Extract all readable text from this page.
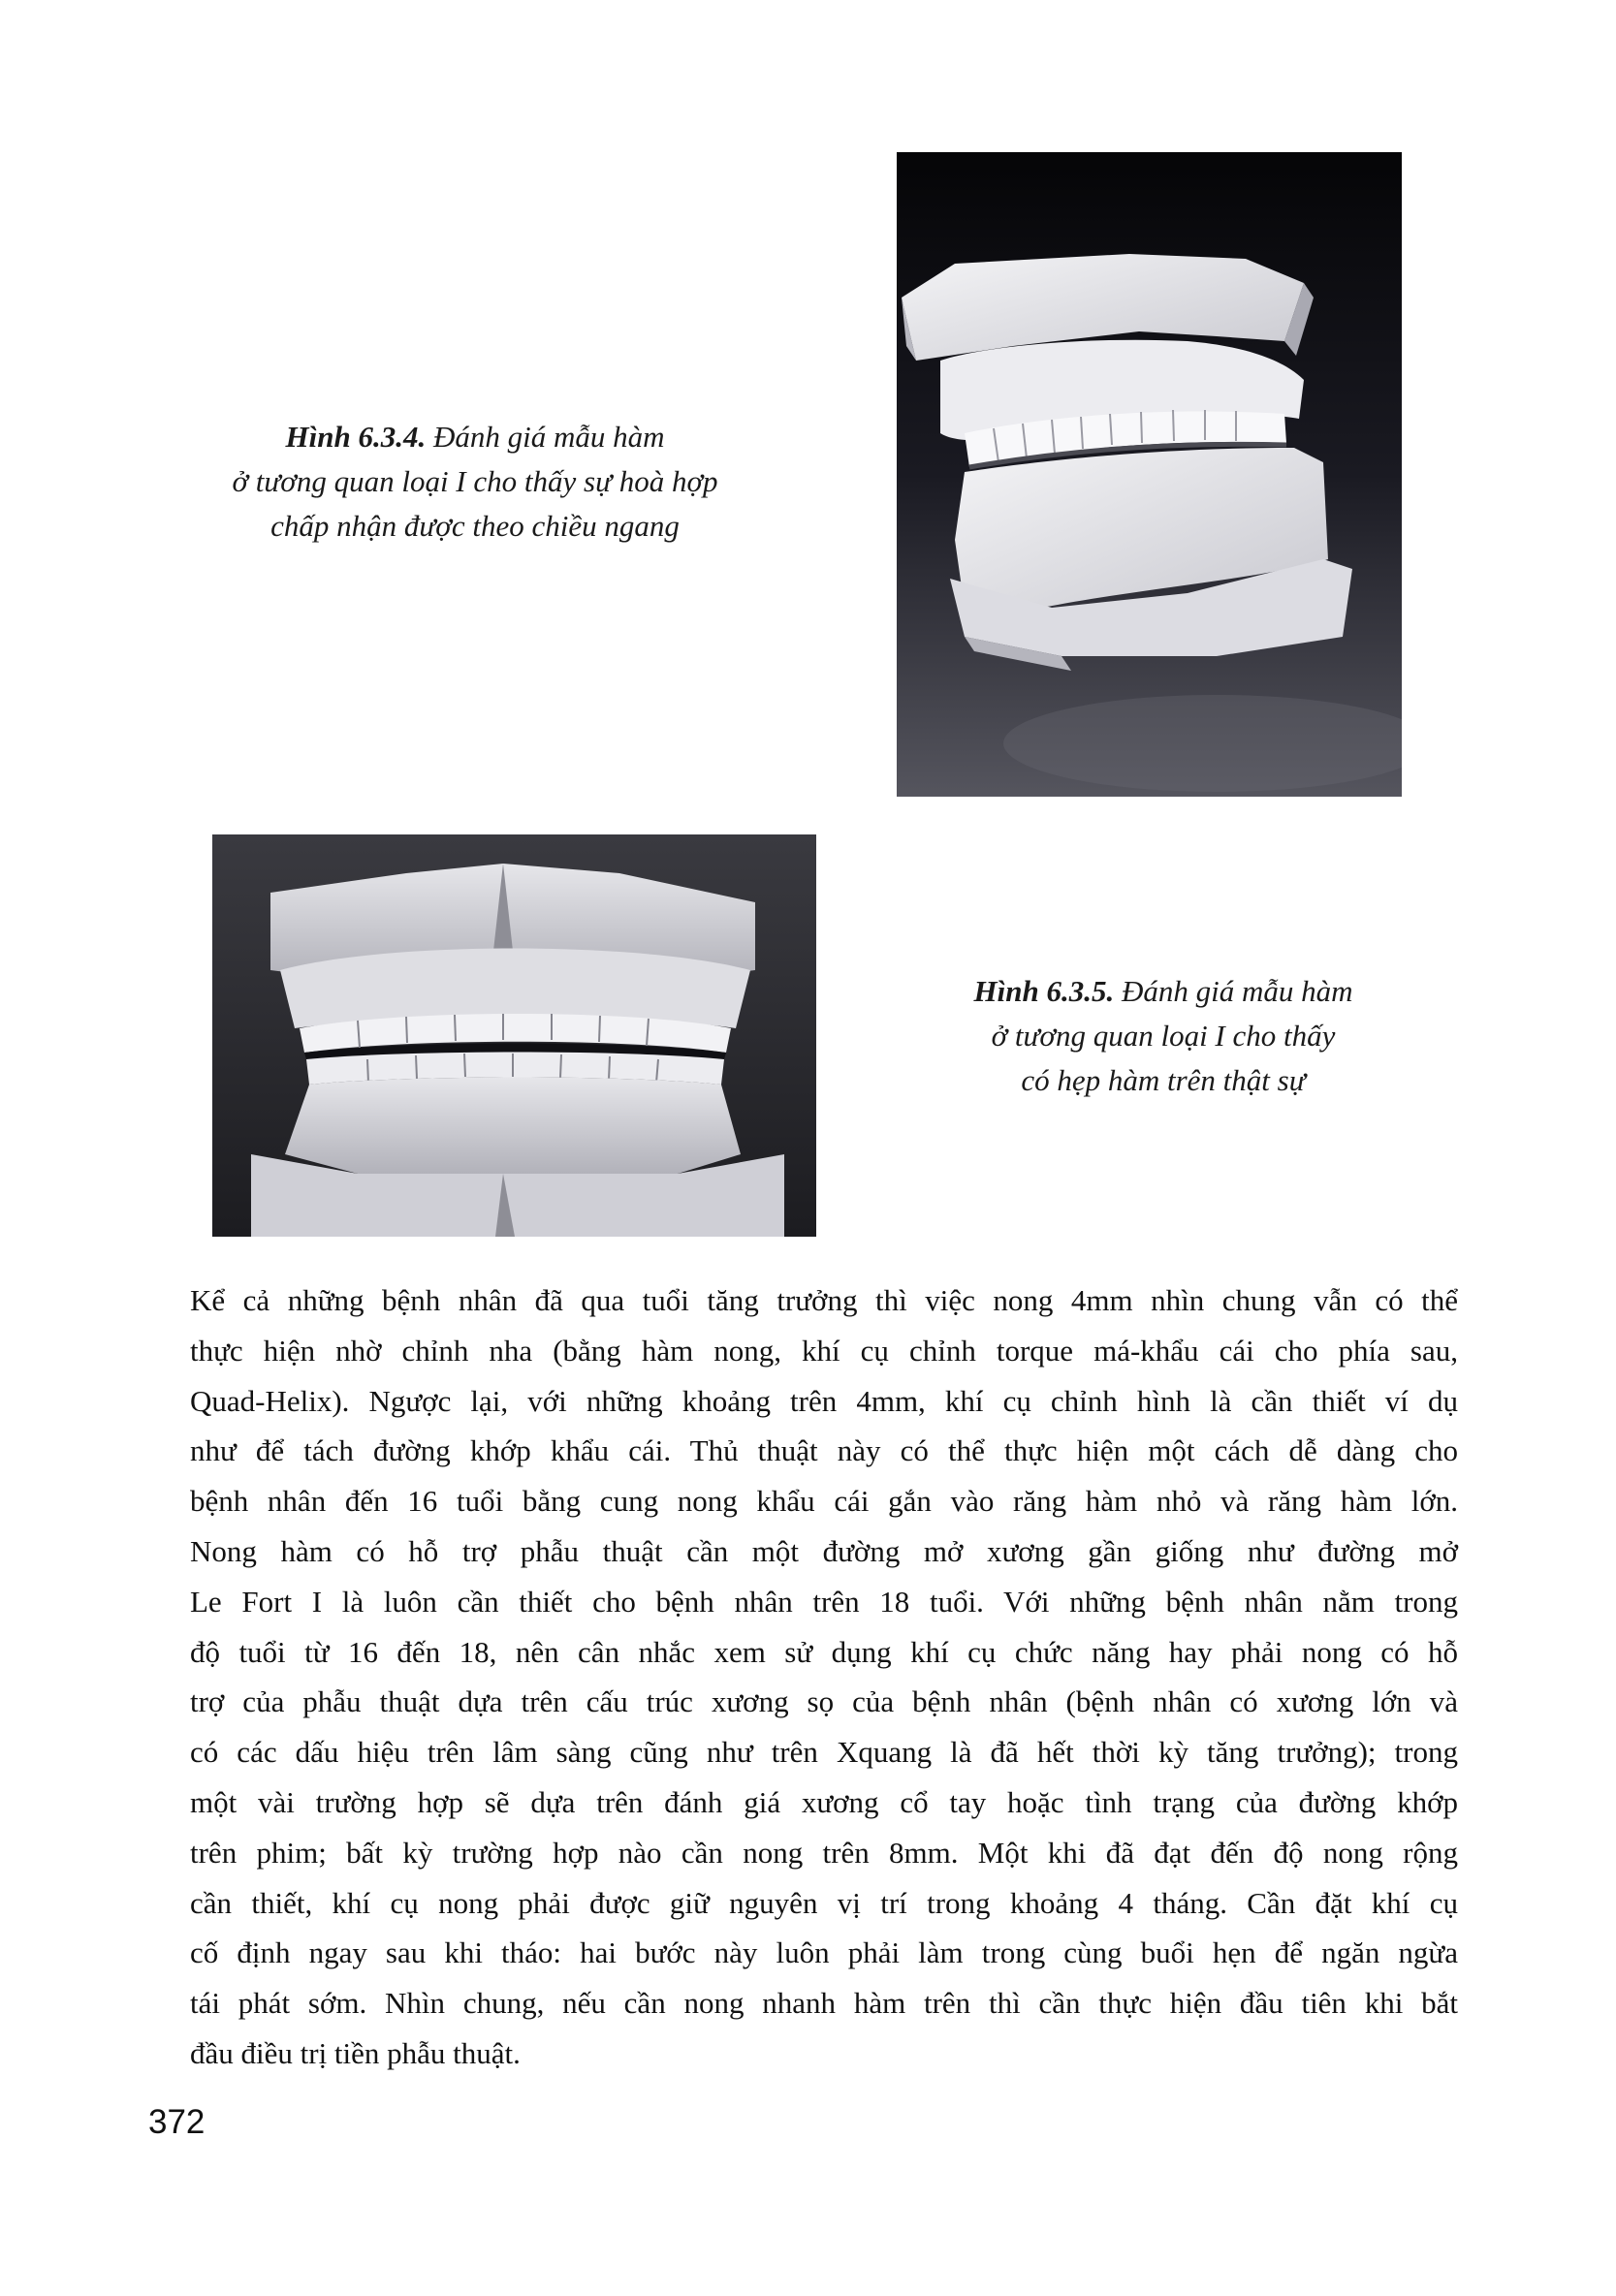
Hình 6.3.4. Đánh giá mẫu hàm
ở tương quan loại I cho thấy sự hoà hợp
chấp nhận được theo chiều ngang
Hình 6.3.5. Đánh giá mẫu hàm
ở tương quan loại I cho thấy
có hẹp hàm trên thật sự
Kể cả những bệnh nhân đã qua tuổi tăng trưởng thì việc nong 4mm nhìn chung vẫn có thể
thực hiện nhờ chỉnh nha (bằng hàm nong, khí cụ chỉnh torque má-khẩu cái cho phía sau,
Quad-Helix). Ngược lại, với những khoảng trên 4mm, khí cụ chỉnh hình là cần thiết ví dụ
như để tách đường khớp khẩu cái. Thủ thuật này có thể thực hiện một cách dễ dàng cho
bệnh nhân đến 16 tuổi bằng cung nong khẩu cái gắn vào răng hàm nhỏ và răng hàm lớn.
Nong hàm có hỗ trợ phẫu thuật cần một đường mở xương gần giống như đường mở
Le Fort I là luôn cần thiết cho bệnh nhân trên 18 tuổi. Với những bệnh nhân nằm trong
độ tuổi từ 16 đến 18, nên cân nhắc xem sử dụng khí cụ chức năng hay phải nong có hỗ
trợ của phẫu thuật dựa trên cấu trúc xương sọ của bệnh nhân (bệnh nhân có xương lớn và
có các dấu hiệu trên lâm sàng cũng như trên Xquang là đã hết thời kỳ tăng trưởng); trong
một vài trường hợp sẽ dựa trên đánh giá xương cổ tay hoặc tình trạng của đường khớp
trên phim; bất kỳ trường hợp nào cần nong trên 8mm. Một khi đã đạt đến độ nong rộng
cần thiết, khí cụ nong phải được giữ nguyên vị trí trong khoảng 4 tháng. Cần đặt khí cụ
cố định ngay sau khi tháo: hai bước này luôn phải làm trong cùng buổi hẹn để ngăn ngừa
tái phát sớm. Nhìn chung, nếu cần nong nhanh hàm trên thì cần thực hiện đầu tiên khi bắt
đầu điều trị tiền phẫu thuật.
372
